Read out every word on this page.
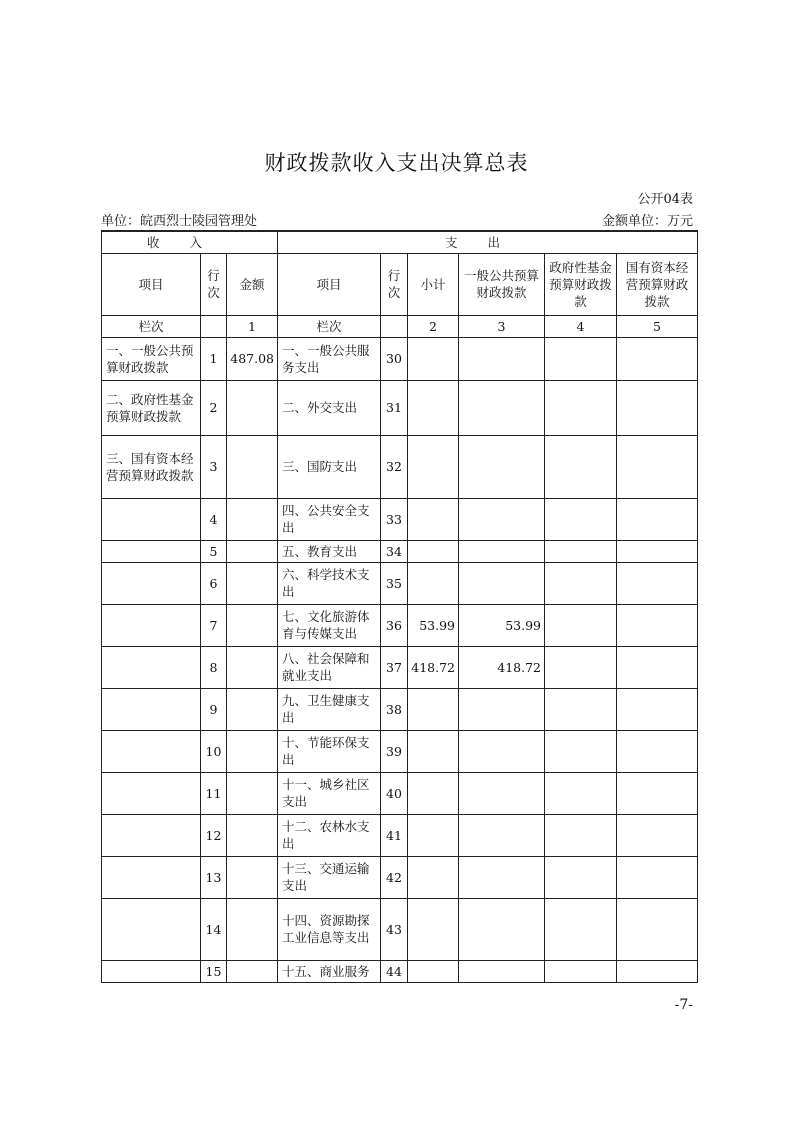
财政拨款收入支出决算总表
公开04表
单位：皖西烈士陵园管理处	金额单位：万元
收入			支出					
项目	行次	金额	项目	行次	小计	一般公共预算财政拨款	政府性基金预算财政拨款	国有资本经营预算财政拨款
栏次		1	栏次		2	3	4	5
一、一般公共预算财政拨款	1	487.08	一、一般公共服务支出	30				
二、政府性基金预算财政拨款	2		二、外交支出	31				
三、国有资本经营预算财政拨款	3		三、国防支出	32				
	4		四、公共安全支出	33				
	5		五、教育支出	34				
	6		六、科学技术支出	35				
	7		七、文化旅游体育与传媒支出	36	53.99	53.99		
	8		八、社会保障和就业支出	37	418.72	418.72		
	9		九、卫生健康支出	38				
	10		十、节能环保支出	39				
	11		十一、城乡社区支出	40				
	12		十二、农林水支出	41				
	13		十三、交通运输支出	42				
	14		十四、资源勘探工业信息等支出	43				
	15		十五、商业服务	44				
-7-
